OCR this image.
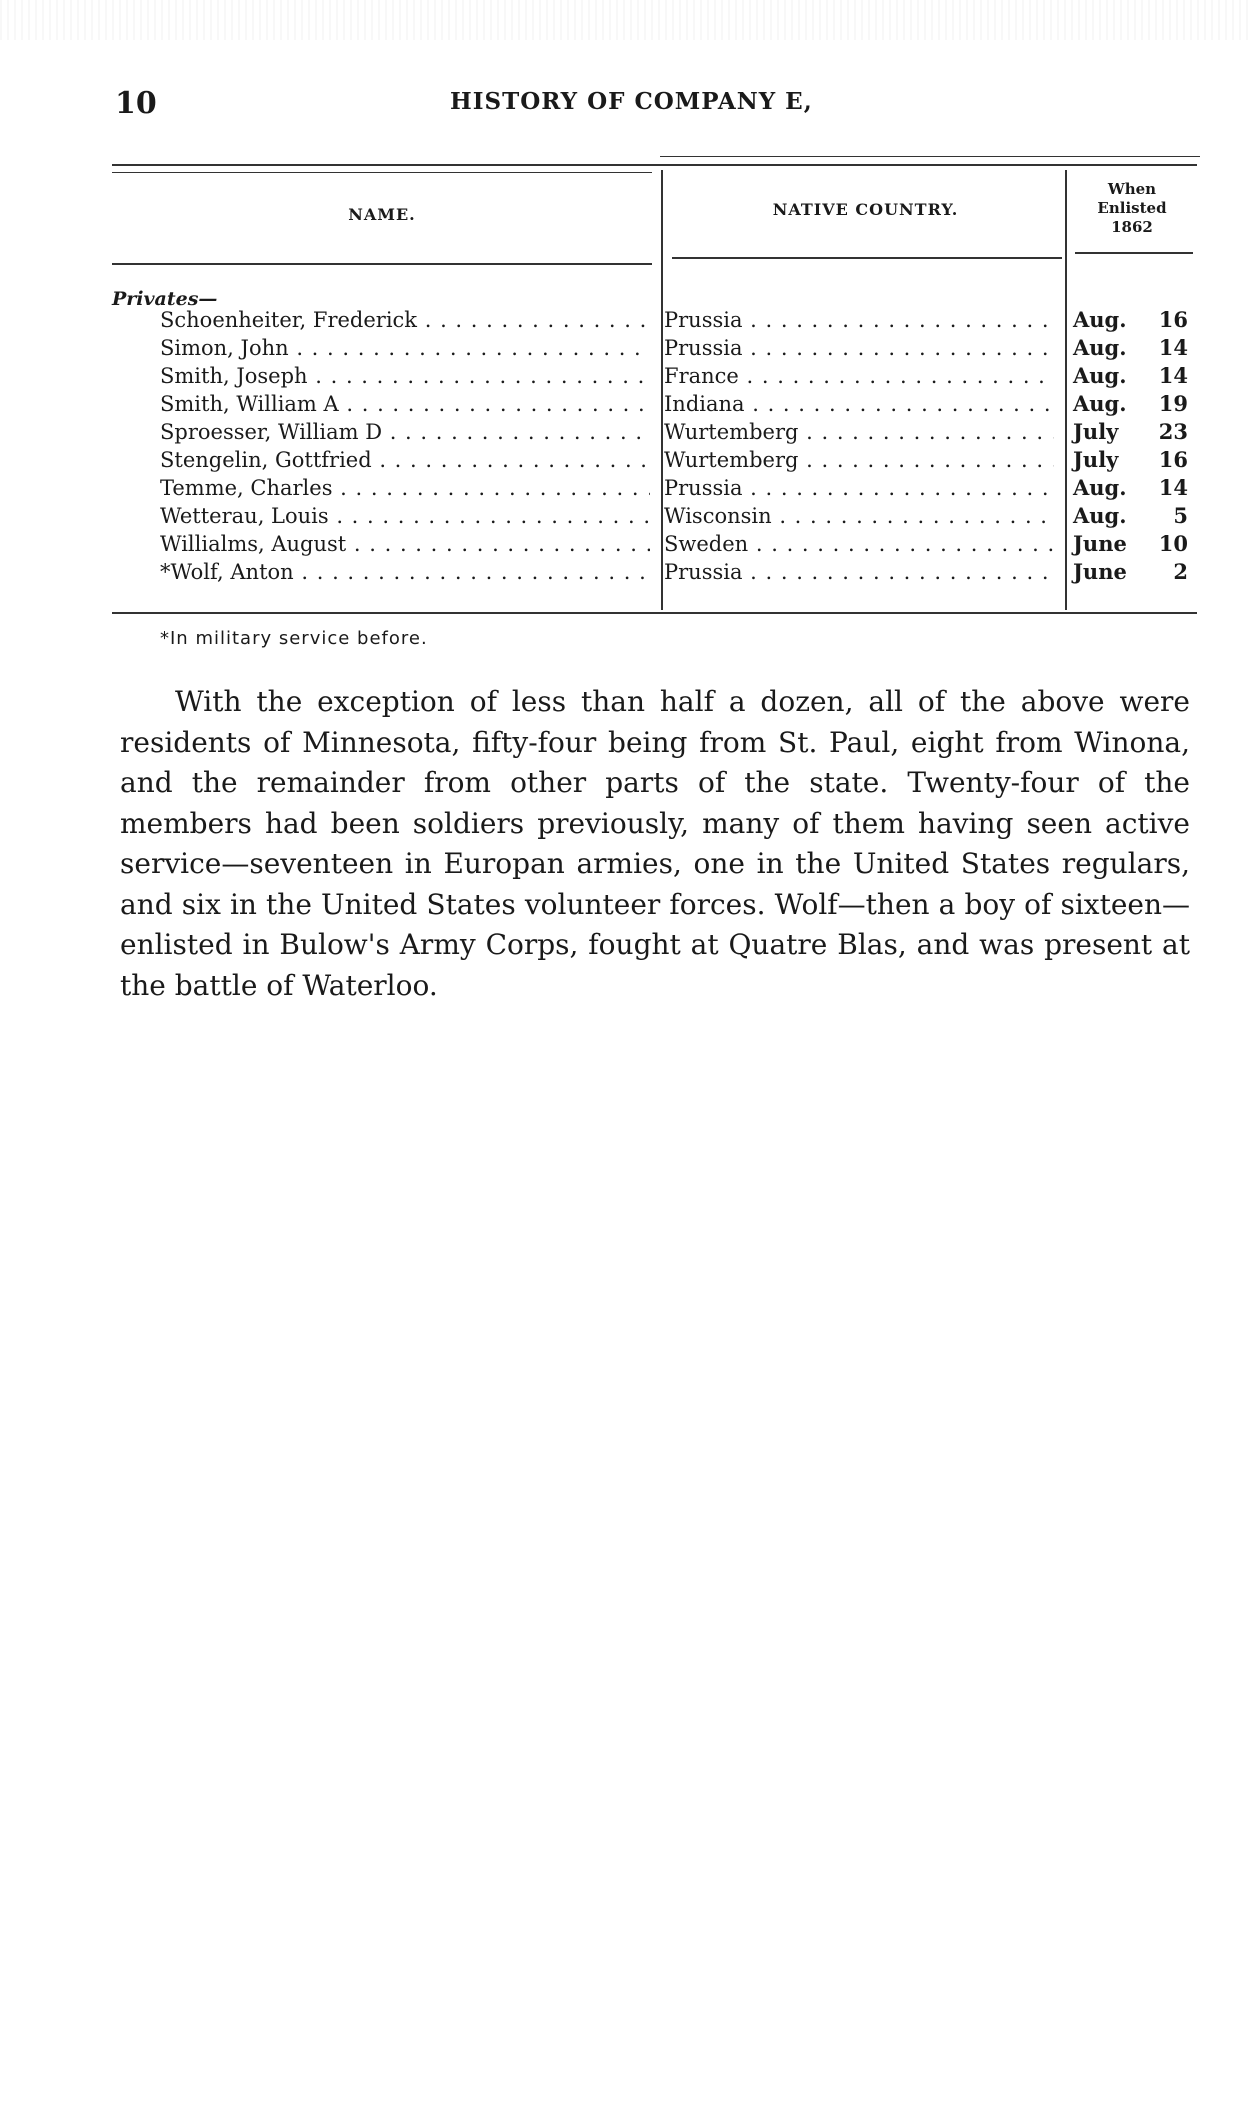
10	HISTORY OF COMPANY E,
NAME.	NATIVE COUNTRY.
When
Enlisted
1862
Privates—
Schoenheiter, Frederick . . .	Prussia . . .	Aug.	16
Simon, John . . .	Prussia . . .	Aug.	14
Smith, Joseph . . .	France . . .	Aug.	14
Smith, William A . . .	Indiana . . .	Aug.	19
Sproesser, William D . . .	Wurtemberg . . .	July	23
Stengelin, Gottfried . . .	Wurtemberg . . .	July	16
Temme, Charles . . .	Prussia . . .	Aug.	14
Wetterau, Louis . . .	Wisconsin . . .	Aug.	5
Willialms, August . . .	Sweden . . .	June	10
*Wolf, Anton . . .	Prussia . . .	June	2
*In military service before.

With the exception of less than half a dozen, all of the above were residents of Minnesota, fifty-four being from St. Paul, eight from Winona, and the remainder from other parts of the state. Twenty-four of the members had been soldiers previously, many of them having seen active service—seventeen in Europan armies, one in the United States regulars, and six in the United States volunteer forces. Wolf—then a boy of sixteen—enlisted in Bulow's Army Corps, fought at Quatre Blas, and was present at the battle of Waterloo.
